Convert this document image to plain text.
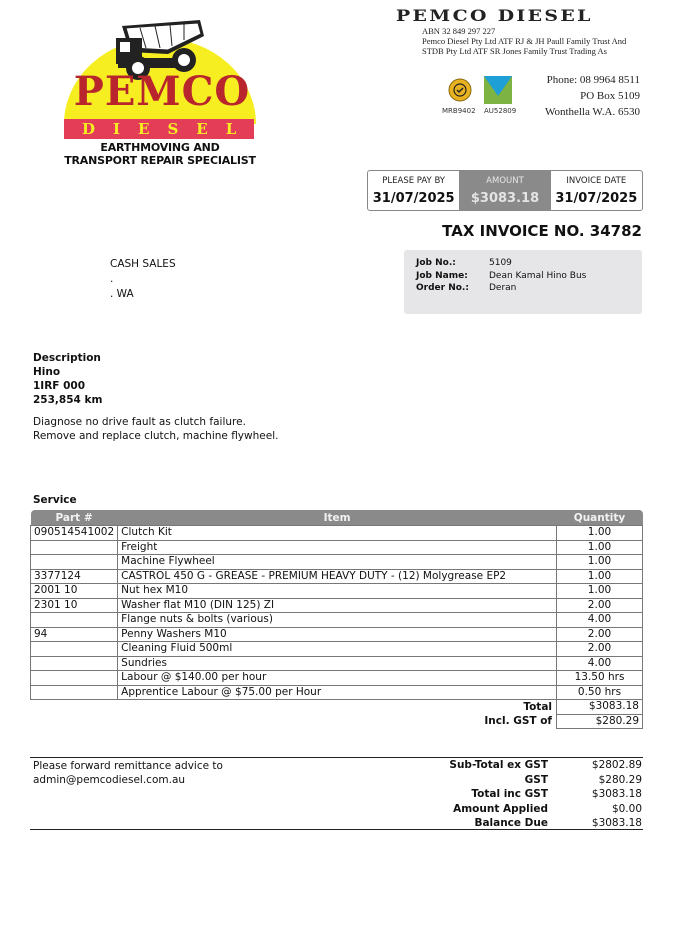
PEMCO
DIESEL
EARTHMOVING AND
TRANSPORT REPAIR SPECIALIST
PEMCO DIESEL
ABN 32 849 297 227
Pemco Diesel Pty Ltd ATF RJ & JH Paull Family Trust And
STDB Pty Ltd ATF SR Jones Family Trust Trading As
MRB9402 AU52809
Phone: 08 9964 8511
PO Box 5109
Wonthella W.A. 6530
PLEASE PAY BY
31/07/2025
AMOUNT
$3083.18
INVOICE DATE
31/07/2025
TAX INVOICE NO. 34782
CASH SALES
.
. WA
Job No.:	5109
Job Name:	Dean Kamal Hino Bus
Order No.:	Deran
Description
Hino
1IRF 000
253,854 km
Diagnose no drive fault as clutch failure.
Remove and replace clutch, machine flywheel.
Service
Part #	Item	Quantity
090514541002	Clutch Kit	1.00
	Freight	1.00
	Machine Flywheel	1.00
3377124	CASTROL 450 G - GREASE - PREMIUM HEAVY DUTY - (12) Molygrease EP2	1.00
2001 10	Nut hex M10	1.00
2301 10	Washer flat M10 (DIN 125) ZI	2.00
	Flange nuts & bolts (various)	4.00
94	Penny Washers M10	2.00
	Cleaning Fluid 500ml	2.00
	Sundries	4.00
	Labour @ $140.00 per hour	13.50 hrs
	Apprentice Labour @ $75.00 per Hour	0.50 hrs
	Total	$3083.18
	Incl. GST of	$280.29
Please forward remittance advice to
admin@pemcodiesel.com.au
Sub-Total ex GST	$2802.89
GST	$280.29
Total inc GST	$3083.18
Amount Applied	$0.00
Balance Due	$3083.18
